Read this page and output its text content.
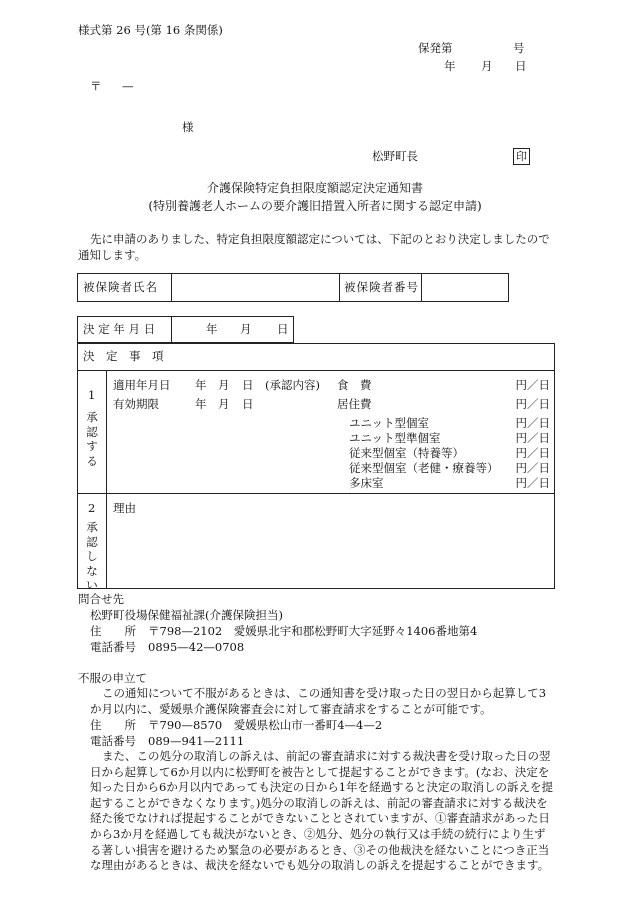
様式第 26 号(第 16 条関係)
保発第	号
年 月 日
〒 —
様
松野町長	印
介護保険特定負担限度額認定決定通知書
(特別養護老人ホームの要介護旧措置入所者に関する認定申請)

先に申請のありました、特定負担限度額認定については、下記のとおり決定しましたので通知します。

被保険者氏名	被保険者番号
決 定 年 月 日	年 月 日
決　定　事　項
1
承認する
適用年月日 年 月 日 (承認内容) 食　費	円／日
有効期限	年 月 日	居住費	円／日
ユニット型個室	円／日
ユニット型準個室	円／日
従来型個室（特養等）	円／日
従来型個室（老健・療養等）	円／日
多床室	円／日
2
承認しない
理由
問合せ先
松野町役場保健福祉課(介護保険担当)
住　　所 〒798—2102　愛媛県北宇和郡松野町大字延野々1406番地第4
電話番号 0895—42—0708
不服の申立て

この通知について不服があるときは、この通知書を受け取った日の翌日から起算して3か月以内に、愛媛県介護保険審査会に対して審査請求をすることが可能です。

住　　所 〒790—8570　愛媛県松山市一番町4—4—2
電話番号 089—941—2111

また、この処分の取消しの訴えは、前記の審査請求に対する裁決書を受け取った日の翌日から起算して6か月以内に松野町を被告として提起することができます。(なお、決定を知った日から6か月以内であっても決定の日から1年を経過すると決定の取消しの訴えを提起することができなくなります。)処分の取消しの訴えは、前記の審査請求に対する裁決を経た後でなければ提起することができないこととされていますが、①審査請求があった日から3か月を経過しても裁決がないとき、②処分、処分の執行又は手続の続行により生ずる著しい損害を避けるため緊急の必要があるとき、③その他裁決を経ないことにつき正当な理由があるときは、裁決を経ないでも処分の取消しの訴えを提起することができます。
